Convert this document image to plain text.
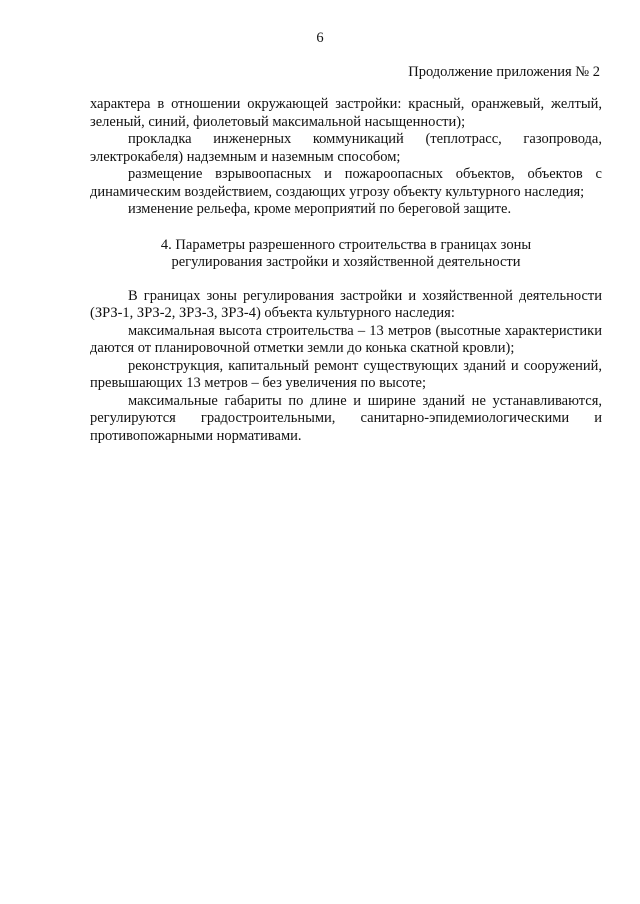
6
Продолжение приложения № 2

характера в отношении окружающей застройки: красный, оранжевый, желтый, зеленый, синий, фиолетовый максимальной насыщенности);

прокладка инженерных коммуникаций (теплотрасс, газопровода, электрокабеля) надземным и наземным способом;

размещение взрывоопасных и пожароопасных объектов, объектов с динамическим воздействием, создающих угрозу объекту культурного наследия;

изменение рельефа, кроме мероприятий по береговой защите.

4. Параметры разрешенного строительства в границах зоны
регулирования застройки и хозяйственной деятельности

В границах зоны регулирования застройки и хозяйственной деятельности (ЗРЗ-1, ЗРЗ-2, ЗРЗ-3, ЗРЗ-4) объекта культурного наследия:

максимальная высота строительства – 13 метров (высотные характеристики даются от планировочной отметки земли до конька скатной кровли);

реконструкция, капитальный ремонт существующих зданий и сооружений, превышающих 13 метров – без увеличения по высоте;

максимальные габариты по длине и ширине зданий не устанавливаются, регулируются градостроительными, санитарно-эпидемиологическими и противопожарными нормативами.
